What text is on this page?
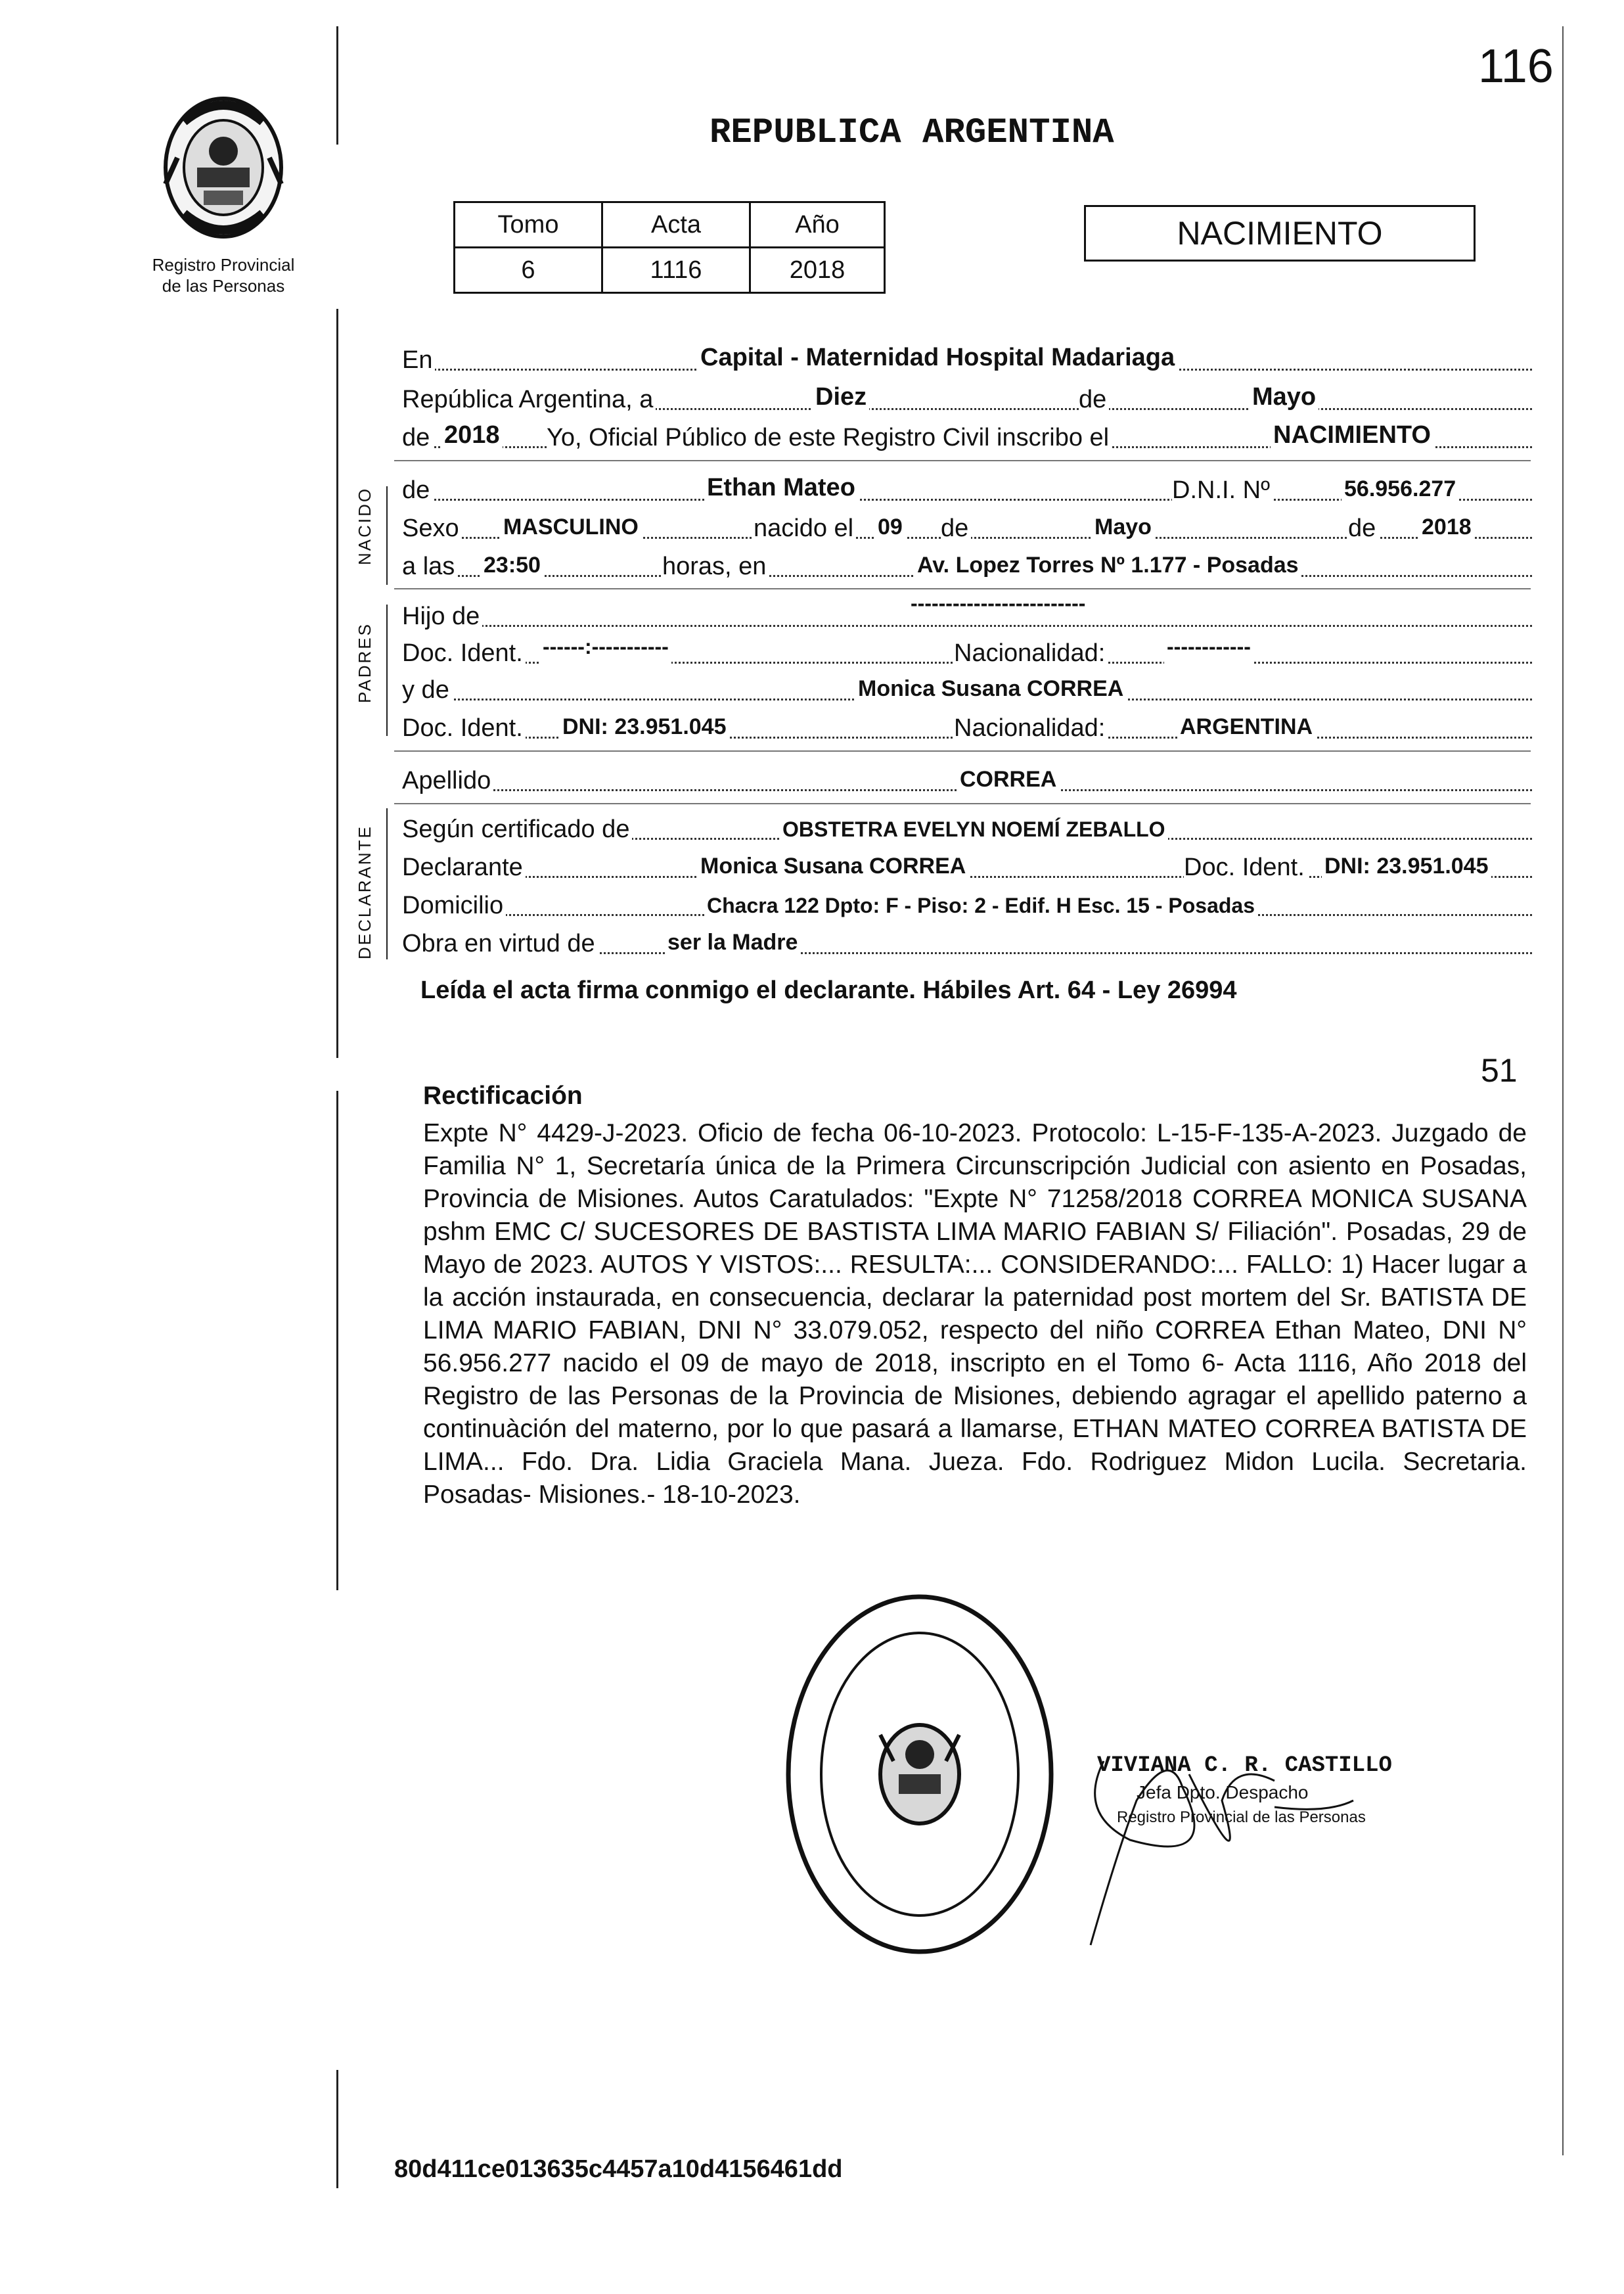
Registro Provincial
de las Personas
116
REPUBLICA ARGENTINA
Tomo	Acta	Año
6	1116	2018
NACIMIENTO
NACIDO
PADRES
DECLARANTE
En	Capital - Maternidad Hospital Madariaga
República Argentina, a	Diez	de	Mayo
de 2018 Yo, Oficial Público de este Registro Civil inscribo el	NACIMIENTO
de	Ethan Mateo	D.N.I. Nº	56.956.277
Sexo MASCULINO	nacido el 09 de	Mayo	de 2018
a las 23:50	horas, en	Av. Lopez Torres Nº 1.177 - Posadas
Hijo de	-------------------------
Doc. Ident. ------:-----------	Nacionalidad:	------------
y de	Monica Susana CORREA
Doc. Ident. DNI: 23.951.045	Nacionalidad:	ARGENTINA
Apellido	CORREA
Según certificado de	OBSTETRA EVELYN NOEMÍ ZEBALLO
Declarante	Monica Susana CORREA	Doc. Ident. DNI: 23.951.045
Domicilio	Chacra 122 Dpto: F - Piso: 2 - Edif. H Esc. 15 - Posadas
Obra en virtud de	ser la Madre
Leída el acta firma conmigo el declarante. Hábiles Art. 64 - Ley 26994
51
Rectificación
Expte N° 4429-J-2023. Oficio de fecha 06-10-2023. Protocolo: L-15-F-135-A-2023. Juzgado de Familia N° 1, Secretaría única de la Primera Circunscripción Judicial con asiento en Posadas, Provincia de Misiones. Autos Caratulados: "Expte N° 71258/2018 CORREA MONICA SUSANA pshm EMC C/ SUCESORES DE BASTISTA LIMA MARIO FABIAN S/ Filiación". Posadas, 29 de Mayo de 2023. AUTOS Y VISTOS:... RESULTA:... CONSIDERANDO:... FALLO: 1) Hacer lugar a la acción instaurada, en consecuencia, declarar la paternidad post mortem del Sr. BATISTA DE LIMA MARIO FABIAN, DNI N° 33.079.052, respecto del niño CORREA Ethan Mateo, DNI N° 56.956.277 nacido el 09 de mayo de 2018, inscripto en el Tomo 6- Acta 1116, Año 2018 del Registro de las Personas de la Provincia de Misiones, debiendo agragar el apellido paterno a continuàción del materno, por lo que pasará a llamarse, ETHAN MATEO CORREA BATISTA DE LIMA... Fdo. Dra. Lidia Graciela Mana. Jueza. Fdo. Rodriguez Midon Lucila. Secretaria. Posadas- Misiones.- 18-10-2023.
DIRECC. GRAL. DEL REGISTRO PROVINCIAL DE LAS PERSONAS
VIVIANA C. R. CASTILLO
Jefa Dpto. Despacho
Registro Provincial de las Personas
80d411ce013635c4457a10d4156461dd
